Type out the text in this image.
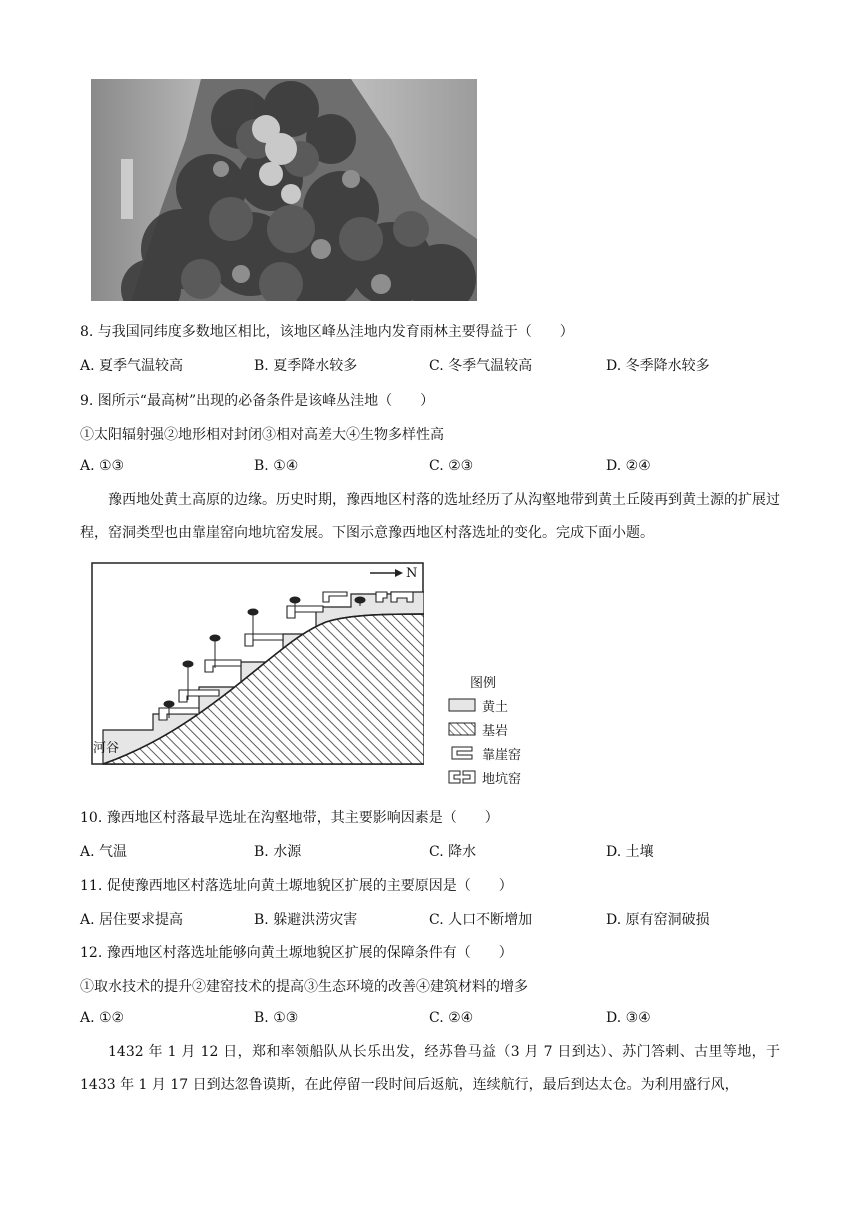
8. 与我国同纬度多数地区相比，该地区峰丛洼地内发育雨林主要得益于（　　）
A. 夏季气温较高	B. 夏季降水较多	C. 冬季气温较高	D. 冬季降水较多
9. 图所示“最高树”出现的必备条件是该峰丛洼地（　　）
①太阳辐射强②地形相对封闭③相对高差大④生物多样性高
A. ①③	B. ①④	C. ②③	D. ②④
豫西地处黄土高原的边缘。历史时期，豫西地区村落的选址经历了从沟壑地带到黄土丘陵再到黄土源的扩展过程，窑洞类型也由靠崖窑向地坑窑发展。下图示意豫西地区村落选址的变化。完成下面小题。
N
河谷
图例
黄土
基岩
靠崖窑
地坑窑
10. 豫西地区村落最早选址在沟壑地带，其主要影响因素是（　　）
A. 气温	B. 水源	C. 降水	D. 土壤
11. 促使豫西地区村落选址向黄土塬地貌区扩展的主要原因是（　　）
A. 居住要求提高	B. 躲避洪涝灾害	C. 人口不断增加	D. 原有窑洞破损
12. 豫西地区村落选址能够向黄土塬地貌区扩展的保障条件有（　　）
①取水技术的提升②建窑技术的提高③生态环境的改善④建筑材料的增多
A. ①②	B. ①③	C. ②④	D. ③④
1432 年 1 月 12 日，郑和率领船队从长乐出发，经苏鲁马益（3 月 7 日到达）、苏门答剌、古里等地，于 1433 年 1 月 17 日到达忽鲁谟斯，在此停留一段时间后返航，连续航行，最后到达太仓。为利用盛行风，
